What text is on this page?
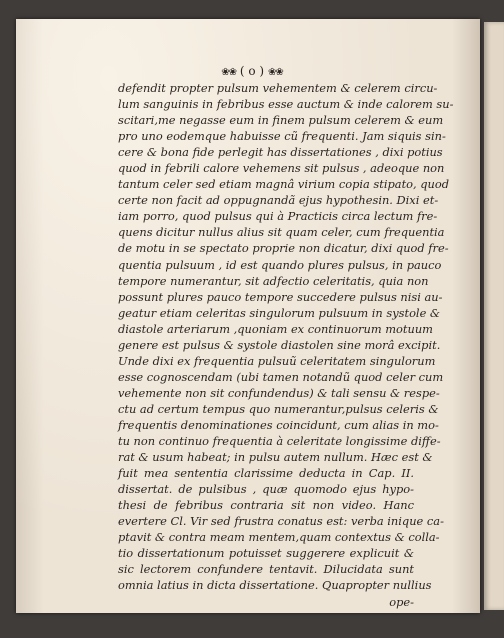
❀❀ ( o ) ❀❀
defendit propter pulsum vehementem & celerem circu-
lum sanguinis in febribus esse auctum & inde calorem su-
scitari,me negasse eum in finem pulsum celerem & eum
pro uno eodemque habuisse cũ frequenti. Jam siquis sin-
cere & bona fide perlegit has dissertationes , dixi potius
quod in febrili calore vehemens sit pulsus , adeoque non
tantum celer sed etiam magnâ virium copia stipato, quod
certe non facit ad oppugnandã ejus hypothesin. Dixi et-
iam porro, quod pulsus qui à Practicis circa lectum fre-
quens dicitur nullus alius sit quam celer, cum frequentia
de motu in se spectato proprie non dicatur, dixi quod fre-
quentia pulsuum , id est quando plures pulsus, in pauco
tempore numerantur, sit adfectio celeritatis, quia non
possunt plures pauco tempore succedere pulsus nisi au-
geatur etiam celeritas singulorum pulsuum in systole &
diastole arteriarum ,quoniam ex continuorum motuum
genere est pulsus & systole diastolen sine morâ excipit.
Unde dixi ex frequentia pulsuũ celeritatem singulorum
esse cognoscendam (ubi tamen notandũ quod celer cum
vehemente non sit confundendus) & tali sensu & respe-
ctu ad certum tempus quo numerantur,pulsus celeris &
frequentis denominationes coincidunt, cum alias in mo-
tu non continuo frequentia à celeritate longissime diffe-
rat & usum habeat; in pulsu autem nullum. Hæc est &
fuit mea sententia clarissime deducta in Cap. II.
dissertat. de pulsibus , quæ quomodo ejus hypo-
thesi de febribus contraria sit non video. Hanc
evertere Cl. Vir sed frustra conatus est: verba inique ca-
ptavit & contra meam mentem,quam contextus & colla-
tio dissertationum potuisset suggerere explicuit &
sic lectorem confundere tentavit. Dilucidata sunt
omnia latius in dicta dissertatione. Quapropter nullius
ope-
